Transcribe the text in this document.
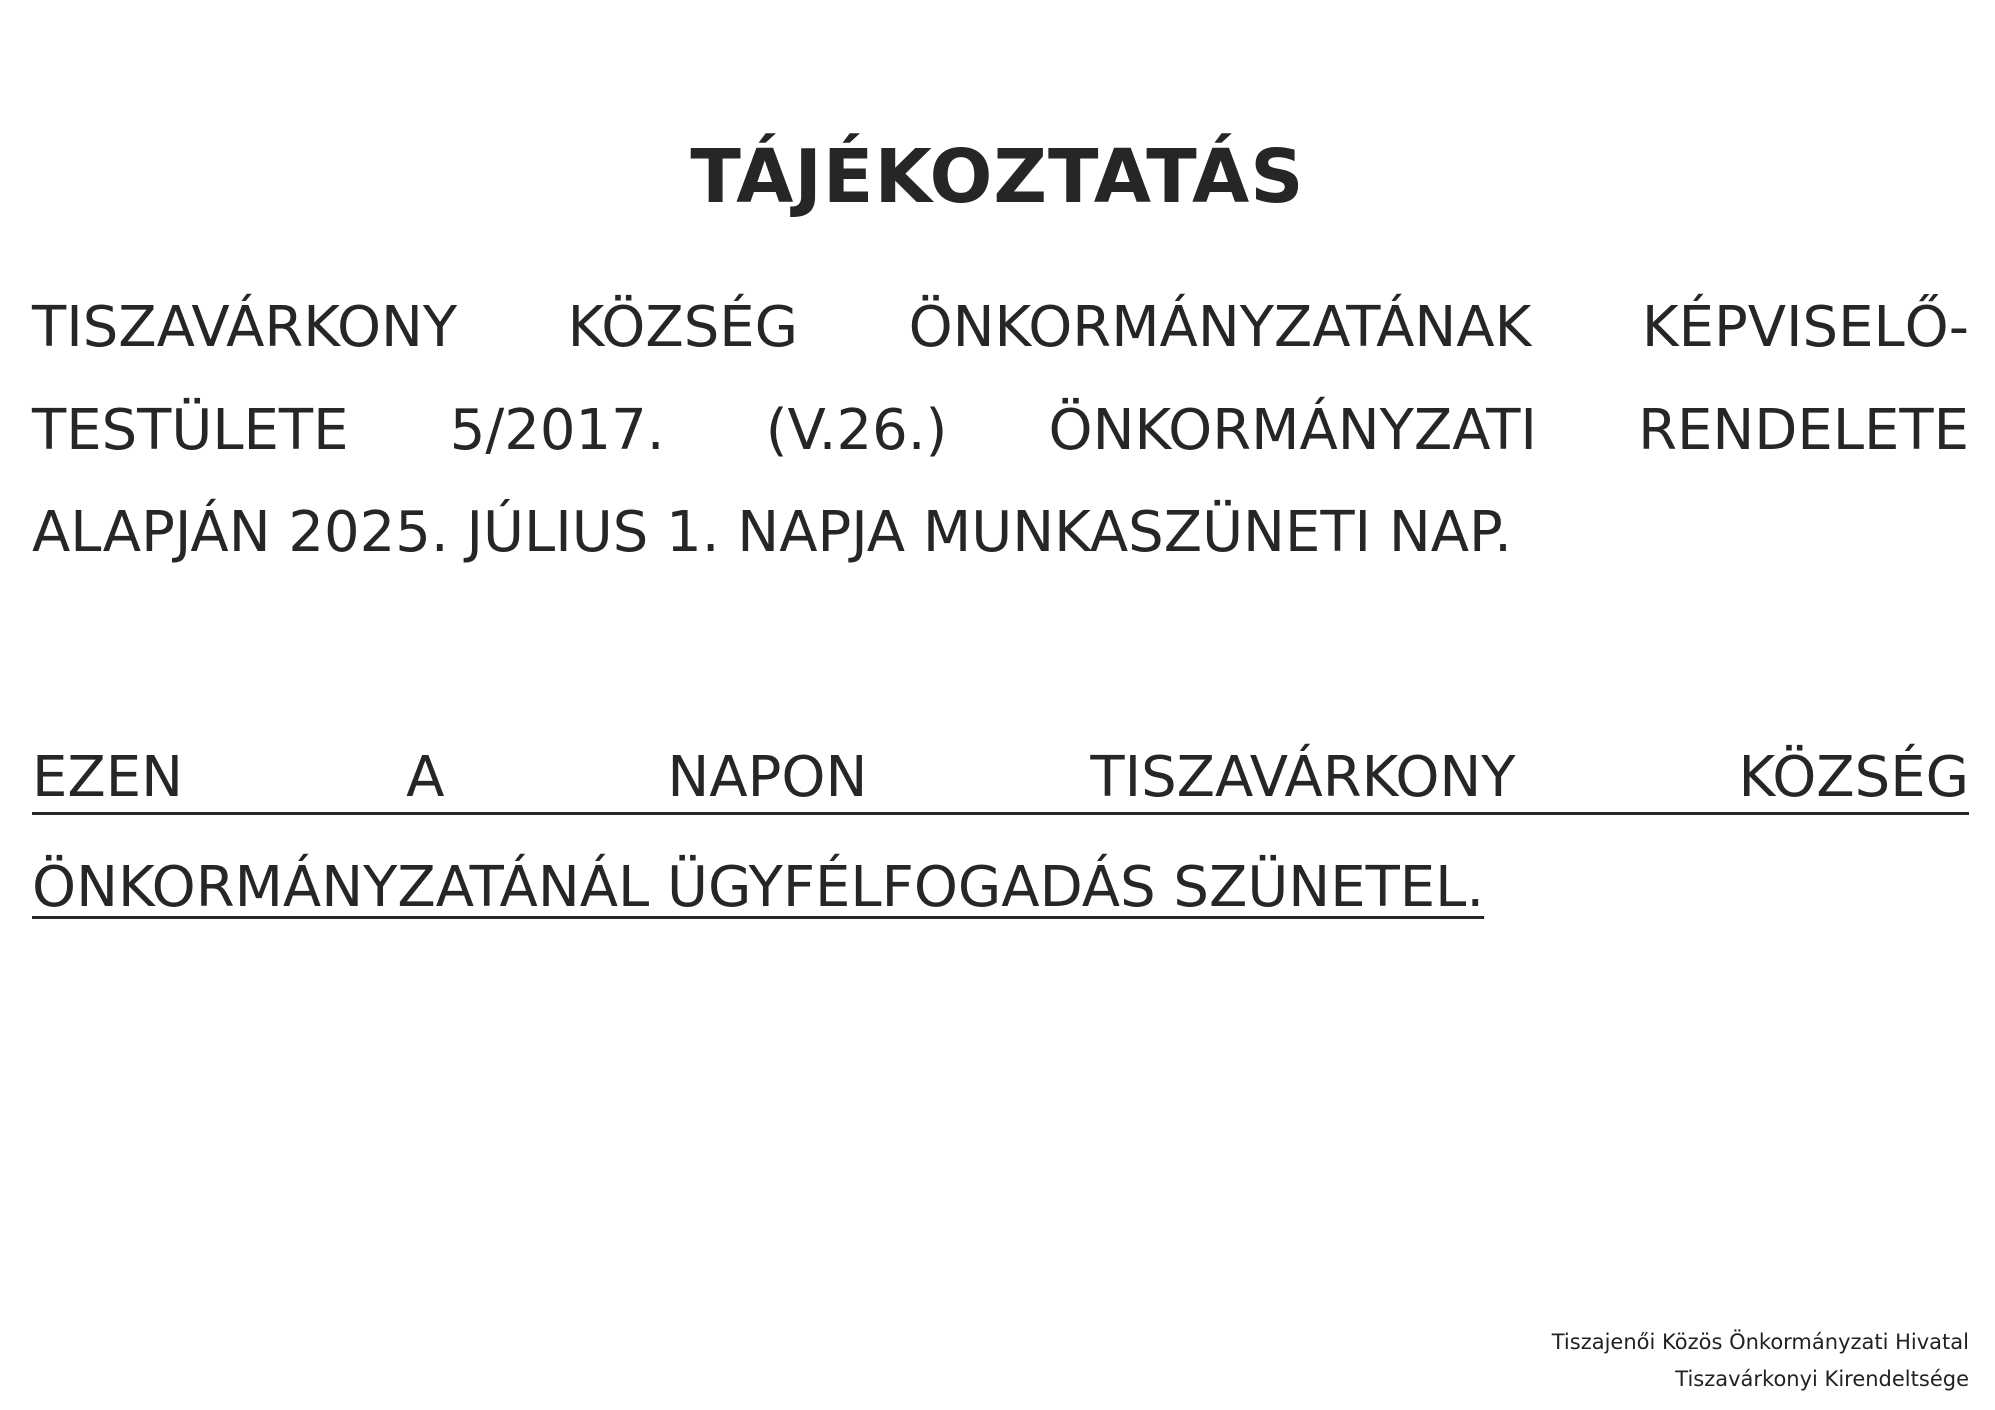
TÁJÉKOZTATÁS
TISZAVÁRKONY KÖZSÉG ÖNKORMÁNYZATÁNAK KÉPVISELŐ-
TESTÜLETE 5/2017. (V.26.) ÖNKORMÁNYZATI RENDELETE
ALAPJÁN 2025. JÚLIUS 1. NAPJA MUNKASZÜNETI NAP.
EZEN	A	NAPON	TISZAVÁRKONY	KÖZSÉG
ÖNKORMÁNYZATÁNÁL ÜGYFÉLFOGADÁS SZÜNETEL.
Tiszajenői Közös Önkormányzati Hivatal
Tiszavárkonyi Kirendeltsége
